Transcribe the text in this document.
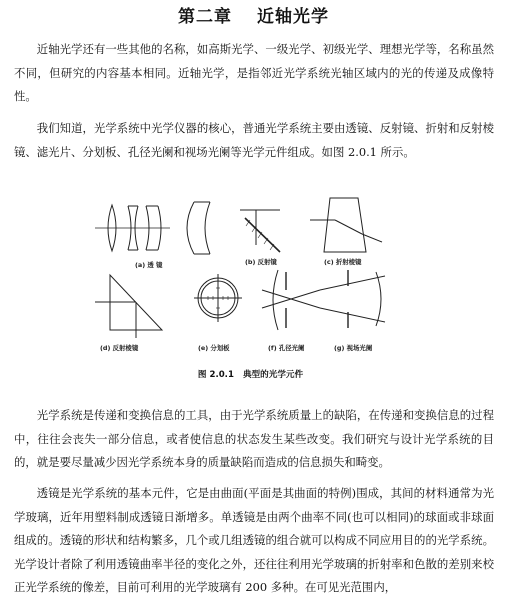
第二章 近轴光学

近轴光学还有一些其他的名称，如高斯光学、一级光学、初级光学、理想光学等，名称虽然不同，但研究的内容基本相同。近轴光学，是指邻近光学系统光轴区域内的光的传递及成像特性。

我们知道，光学系统中光学仪器的核心，普通光学系统主要由透镜、反射镜、折射和反射棱镜、滤光片、分划板、孔径光阑和视场光阑等光学元件组成。如图 2.0.1 所示。

(a) 透 镜	(b) 反射镜	(c) 折射棱镜
(d) 反射棱镜	(e) 分划板	(f) 孔径光阑	(g) 视场光阑
图 2.0.1 典型的光学元件

光学系统是传递和变换信息的工具，由于光学系统质量上的缺陷，在传递和变换信息的过程中，往往会丧失一部分信息，或者使信息的状态发生某些改变。我们研究与设计光学系统的目的，就是要尽量减少因光学系统本身的质量缺陷而造成的信息损失和畸变。

透镜是光学系统的基本元件，它是由曲面(平面是其曲面的特例)围成，其间的材料通常为光学玻璃，近年用塑料制成透镜日渐增多。单透镜是由两个曲率不同(也可以相同)的球面或非球面组成的。透镜的形状和结构繁多，几个或几组透镜的组合就可以构成不同应用目的的光学系统。光学设计者除了利用透镜曲率半径的变化之外，还往往利用光学玻璃的折射率和色散的差别来校正光学系统的像差，目前可利用的光学玻璃有 200 多种。在可见光范围内，
